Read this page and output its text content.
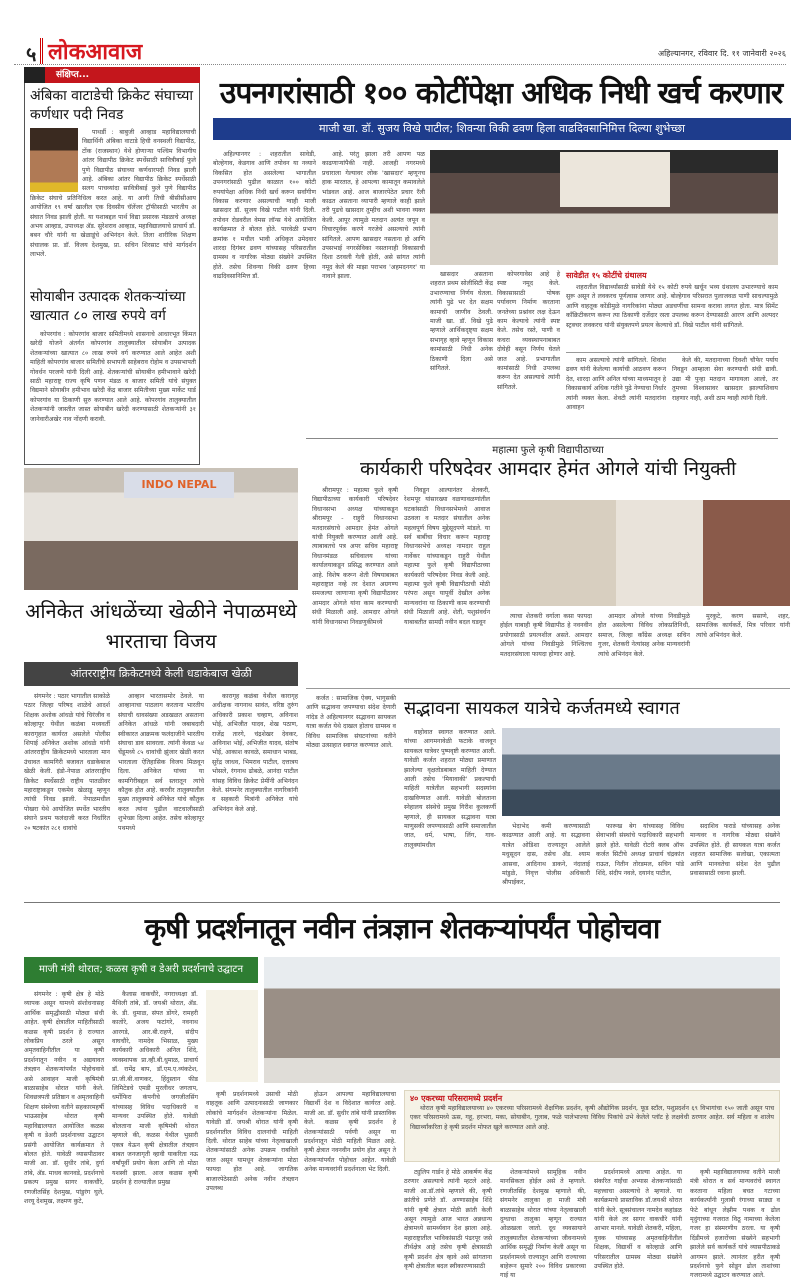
५ लोकआवाज	अहिल्यानगर, रविवार दि. ११ जानेवारी २०२६
संक्षिप्त...
अंबिका वाटाडेची क्रिकेट संघाच्या कर्णधार पदी निवड

पाथर्डी : बाबुजी आव्हाड महाविद्यालयाची विद्यार्थिनी अंबिका वाटाडे हिची वनस्थली विद्यापीठ, टोंक (राजस्थान) येथे होणाऱ्या पश्चिम विभागीय आंतर विद्यापीठ क्रिकेट स्पर्धेसाठी सावित्रीबाई फुले पुणे विद्यापीठ संघाच्या कर्णधारपदी निवड झाली आहे. अंबिका आंतर विद्यापीठ क्रिकेट स्पर्धेसाठी सलग पाचव्यांदा सावित्रीबाई फुले पुणे विद्यापीठ क्रिकेट संघाचे प्रतिनिधित्व करत आहे. या आगी तिची बीसीसीआय आयोजित १९ वर्षा खालील एक दिवसीय चॅलेंजर ट्रॉफीसाठी भारतीय अ संघात निवड झाली होती. या यशाबद्दल पार्थ विद्या प्रसारक मंडळाचे अध्यक्ष अभय आव्हाड, उपाध्यक्ष ॲड. सुरेशराव आव्हाड, महाविद्यालयाचे प्राचार्य डॉ. बबन चौरे यांनी या खेळाडूंचे अभिनंदन केले. तिला शारीरिक शिक्षण संचालक प्रा. डॉ. विजय देशमुख, प्रा. सचिन शिरसाट यांचे मार्गदर्शन लाभले.

सोयाबीन उत्पादक शेतकऱ्यांच्या खात्यात ८० लाख रुपये वर्ग

कोपरगांव : कोपरगांव बाजार समितीमध्ये शासनाचे आधारभूत किंमत खरेदी योजने अंतर्गत कोपरगांव तालुक्यातील सोयाबीन उत्पादक शेतकऱ्यांच्या खात्यात ८० लाख रुपये वर्ग करण्यात आले आहेत अशी माहिती कोपरगांव बाजार समितीचे सभापती साहेबराव रोहोम व उपसभापती गोवर्धन परजणे यांनी दिली आहे. शेतकऱ्यांची सोयाबीन हमीभावाने खरेदी साठी महाराष्ट्र राज्य कृषि पणन मंडळ व बाजार समिती यांचे संयुक्त विद्यमाने सोयाबीन हमीभाव खरेदी केंद्र बाजार समितीच्या मुख्य मार्केट यार्ड कोपरगांव या ठिकाणी सुरु करण्यात आले आहे. कोपरगांव तालुक्यातील शेतकऱ्यांनी जास्तीत जास्त सोयाबीन खरेदी करण्यासाठी शेतकऱ्यांनी ३१ जानेवारीअखेर नाव नोंदणी करावी.

उपनगरांसाठी १०० कोटींपेक्षा अधिक निधी खर्च करणार
माजी खा. डॉ. सुजय विखे पाटील; शिवन्या विकी ढवण हिला वाढदिवसानिमित्त दिल्या शुभेच्छा

अहिल्यानगर : शहरातील सावेडी, बोल्हेगाव, केडगाव आणि तपोवन या नव्याने विकसित होत असलेल्या भागातील उपनगरांसाठी पुढील काळात १०० कोटी रुपयांपेक्षा अधिक निधी खर्च करून सर्वांगीण विकास करणार असल्याची ग्वाही माजी खासदार डॉ. सुजय विखे पाटील यांनी दिली. तपोवन रोडवरील वेमस लॉन्स येथे आयोजित कार्यक्रमात ते बोलत होते. पारवेळी प्रभाग क्रमांक १ मधील भावी अधिकृत उमेदवार शारदा दिगंबर ढवण यांच्यासह परिसरातील ग्रामस्थ व नागरिक मोठ्या संख्येने उपस्थित होते. तसेच शिवन्या विकी ढवण हिच्या वाढदिवसानिमित्त डॉ.

आहे. परंतु झाला तरी आपण पळ काढणाऱ्यांपैकी नाही. आजही नगरमध्ये प्रचाराला गेल्यावर लोक 'खासदार' म्हणूनच हाक मारतात, हे आपल्या कामातून कमावलेले भांडवल आहे. आज बाजारपेठेत प्रचार रॅली काढत असताना व्यापारी म्हणाले काही झाले तरी पुढचे खासदार तुम्हीच अशी भावना व्यक्त केली. आपूर त्यामुळे मतदान अत्यंत जपून व विचारपूर्वक करणे गरजेचे असल्याचे त्यांनी सांगितले. आपण खासदार नसताना हो आणि उपसभाई नगरसेविका नसतानाही विकासाची दिशा ठरवली गेली होती, असे सांगत त्यांनी नमूद केले की माझा पराभव 'अहमदनगर' या नावाने झाला.	खासदार असताना शहरात प्रथम सोलीसिटी केंद्र उभारण्याचा निर्णय घेतला. त्यांनी पुढे भर देत सक्षम कामाची जाणीव ठेवली. माजी खा. डॉ. विखे पुढे म्हणाले आर्थिकदृष्ट्या सक्षम सभागृह व्हावे म्हणून विकास कामांसाठी निधी अनेक ठिकाणी दिला असे सांगितले.

कोपरगावेस आहे हे स्पष्ट नमूद केले. विकासासाठी पोषक पर्यावरण निर्माण करताना जनतेच्या प्रश्नांवर लक्ष देऊन काम केल्याचे त्यांनी स्पष्ट केले. तसेच रस्ते, पाणी व कचरा व्यवस्थापनाबाबत दोघेही बसून निर्णय घेतले जात आहे. प्रभागातील कामांसाठी निधी उपलब्ध करून देत असल्याचे त्यांनी सांगितले.

सावेडीत १५ कोटींचे ग्रंथालय

शहरातील विद्यार्थ्यांसाठी सावेडी येथे १५ कोटी रुपये खर्चून भव्य ग्रंथालय उभारण्याचे काम सुरू असून ते लवकरच पूर्णत्वास जाणार आहे. बोल्हेगाव परिसरात पुलाजवळ पाणी साचल्यामुळे आणि वाहतूक कोंडीमुळे नागरिकांना मोठ्या अडचणींचा सामना करावा लागत होता. मात्र सिमेंट कॉंक्रिटीकरण करून त्या ठिकाणी दर्जेदार रस्ता उपलब्ध करून देण्यासाठी आरण आणि अल्पदर स्ट्रक्चर लवकरच यांनी संयुक्तपणे प्रयत्न केल्याचे डॉ. विखे पाटील यांनी सांगितले.

काम असल्याचे त्यांनी सांगितले. शिवांश ढवण यांनी केलेल्या कार्याची आठवण करून देत, शारदा आणि अनिल यांच्या माध्यमातून हे विकासकार्य अधिक गतीने पुढे नेण्याचा निर्धार त्यांनी व्यक्त केला. शेवटी त्यांनी मतदारांना आवाहन

केले की, मतदानाच्या दिवशी चौफेर पर्याय निवडून आम्हाला सेवा करण्याची संधी द्यावी. उद्या मी पुन्हा मतदान मागायला आलो, तर तुमच्या विश्वासावर खासदार झाल्याशिवाय राहणार नाही, अशी ठाम ग्वाही त्यांनी दिली.

INDO NEPAL
अनिकेत आंधळेंच्या खेळीने नेपाळमध्ये भारताचा विजय
आंतरराष्ट्रीय क्रिकेटमध्ये केली धडाकेबाज खेळी

संगमनेर : पठार भागातील साकोळे पठार जिल्हा परिषद शाळेचे आदर्श शिक्षक अशोक आंधळे यांचे चिरंजीव व कोल्हापूर येथील कळंबा मध्यवर्ती कारागृहात कार्यरत असलेले पोलीस शिपाई अनिकेत अशोक आंधळे यांनी आंतरराष्ट्रीय क्रिकेटमध्ये भारताला मान उंचावत कामगिरी बजावत धडाकेबाज खेळी केली. इंडो-नेपाळ आंतरराष्ट्रीय क्रिकेट स्पर्धेसाठी राष्ट्रीय पातळीवर महाराष्ट्राकडून एकमेव खेळाडू म्हणून त्यांची निवड झाली. नेपाळमधील पोखरा येथे आयोजित स्पर्धेत भारतीय संघाने प्रथम फलंदाजी करत निर्धारित २० षटकांत २८१ धावांचे

आव्हान भारतासमोर ठेवले. या आव्हानाचा पाठलाग करताना भारतीय संघाची धावसंख्या अडखळत असताना अनिकेत आंधळे यांनी जबाबदारी स्वीकारत आक्रमक फलंदाजीने भारतीय संघाचा डाव सावरला. त्यांनी केवळ ५४ चेंडूमध्ये ८५ धावांची झुंजार खेळी करत भारताला ऐतिहासिक विजय मिळवून दिला. अनिकेत यांच्या या कामगिरीबद्दल सर्व स्तरातून त्यांचे कौतुक होत आहे. करवीर तालुक्यातील मुख्य तालुक्याचे अनिकेत यांचे कौतुक करत त्यांना पुढील वाटचालीसाठी शुभेच्छा दिल्या आहेत. तसेच कोल्हापूर पथमध्ये

कारागृह कळंबा येथील कारागृह अधीक्षक नागनाथ सावंत, वरिष्ठ तुरुंग अधिकारी प्रकाश चव्हाण, अविनाश भोई, अभिजीत यादव, शेख पठाण, राजेंद्र तारगे, चंद्रशेखर देवकर, अविनाश भोई, अभिजीत यादव, संतोष भोई, आकाश कावळे, समाधान भाबड, सुरेंद्र जाधव, भिमराव पाटील, दत्तात्रय भोसले, रंगनाथ ढोबळे, आनंदा पाटील यांसह विविध क्रिकेट प्रेमींनी अभिनंदन केले. संगमनेर तालुक्यातील नागरिकांनी व सहकारी मित्रांनी अनिकेत यांचे अभिनंदन केले आहे.

महात्मा फुले कृषी विद्यापीठाच्या
कार्यकारी परिषदेवर आमदार हेमंत ओगले यांची नियुक्ती

श्रीरामपूर : महात्मा फुले कृषी विद्यापीठाच्या कार्यकारी परिषदेवर विधानसभा अध्यक्ष यांच्याकडून श्रीरामपूर - राहुरी विधानसभा मतदारसंघाचे आमदार हेमंत ओगले यांची नियुक्ती करण्यात आली आहे. त्याबाबतचे पत्र अपर सचिव महाराष्ट्र विधानमंडळ सचिवालय यांच्या कार्यालयाकडून प्रसिद्ध करण्यात आले आहे. विशेष करून शेती विषयाबाबत महाराष्ट्रात नव्हे तर देशात अग्रगण्य समजल्या जाणाऱ्या कृषी विद्यापीठावर आमदार ओगले यांना काम करण्याची संधी मिळाली आहे. आमदार ओगले यांनी विधानसभा निवडणुकीमध्ये

निवडून आल्यानंतर शेतकरी, रेशमपूर यांसारख्या वळणावळणांतील घटकांसाठी विधानसभेमध्ये आवाज उठवला व मतदार संघातील अनेक महत्वपूर्ण विषय मुद्देसूदपणे मांडले. या सर्व बाबींचा विचार करून महाराष्ट्र विधानसभेचे अध्यक्ष नामदार राहुल नार्वेकर यांच्याकडून राहुरी येथील महात्मा फुले कृषी विद्यापीठाच्या कार्यकारी परिषदेवर निवड केली आहे. महात्मा फुले कृषी विद्यापीठाची मोठी परंपरा असून यापूर्वी देखील अनेक मान्यवरांना या ठिकाणी काम करण्याची संधी मिळाली आहे. शेती, पशुसंवर्धन याबाबतीत सामग्री नवीन बदल घडवून

त्याचा शेतकरी वर्गाला कसा फायदा होईल याबाही कृषी विद्यापीठ हे नवनवीन प्रयोगासाठी प्रयत्नशील असते. आमदार ओगले यांच्या निवडीमुळे निश्चितच मतदारसंघाला फायदा होणार आहे.

आमदार ओगले यांच्या निवडीमुळे होत असलेल्या विविध लोकप्रतिनिधी, समाज, जिल्हा कॉंग्रेस अध्यक्ष सचिन गुजर, शेतकरी नेत्यांसह अनेक मान्यवरांनी त्यांचे अभिनंदन केले.

मुरकुटे, करण ससाणे, शहर, सामाजिक कार्यकर्ते, मित्र परिवार यांनी त्यांचे अभिनंदन केले.

कर्जत : सामाजिक ऐक्य, भागुसकी आणि सद्भावना जपण्याचा संदेश देणारी नांदेड ते अहिल्यानगर सद्भावना सायकल यात्रा कर्जत येथे दाखल होताच ग्रामस्थ व विविध सामाजिक संघटनांच्या वतीने मोठ्या उत्साहात स्वागत करण्यात आले.

सद्भावना सायकल यात्रेचे कर्जतमध्ये स्वागत

वाहोवात स्वागत करण्यात आले. यांच्या आगमनावेळी फटाके वाजवून सायकल यात्रेवर पुष्पवृष्टी करण्यात आली. यावेळी कर्जत शहरात मोठ्या प्रमाणात झालेल्या वृक्षतोडबाबत माहिती देण्यात आली तसेच 'मियावाकी' प्रकल्पाची माहिती यात्रेतील सहभागी सदस्यांना दाखविण्यात आली. यावेळी बोलताना स्नेहालय संस्थेचे प्रमुख गिरीश कुलकर्णी म्हणाले, ही सायकल सद्भावना यात्रा माणुसकी जपण्यासाठी आणि समाजातील जात, धर्म, भाषा, लिंग, गाव-तालुक्यांमधील

भेदाभेद कमी करण्यासाठी काढण्यात आली आहे. या सद्भावना यात्रेत ओडिशा राज्यातून आलेले मधुसूदन दास, तसेच ॲड. श्याम आसवा, आदिनाथ डाकने, नंदाताई मांडुळे, निवृत्त पोलीस अधिकारी श्रीपाईकर,

फारूख बेग यांच्यासह विविध सेवाभावी संस्थांचे पदाधिकारी सहभागी झाले होते. यावेळी रोटरी क्लब ऑफ कर्जत सिटीचे अध्यक्ष प्राचार्य चंद्रकांत राऊत, नितीन तोरडमल, सचिन पांडे शिंदे, संदीप नवले, दयानंद पाटील,

सदाशिव फराडे यांच्यासह अनेक मान्यवर व नागरिक मोठ्या संख्येने उपस्थित होते. ही सायकल यात्रा कर्जत शहरात सामाजिक सलोखा, एकात्मता आणि मानवतेचा संदेश देत पुढील प्रवासासाठी रवाना झाली.

कृषी प्रदर्शनातून नवीन तंत्रज्ञान शेतकऱ्यांपर्यंत पोहोचवा
माजी मंत्री थोरात; कळस कृषी व डेअरी प्रदर्शनाचे उद्घाटन

संगमनेर : कृषी क्षेत्र हे मोठे व्यापक असून यामध्ये संशोधनासह आर्थिक समृद्धीसाठी मोठ्या संधी आहेत. कृषी क्षेत्रातील माहितीसाठी कळस कृषी प्रदर्शन हे राज्यात लोकप्रिय ठरले असून अमृतवाहिनीतील या कृषी प्रदर्शनातून नवीन व अद्ययावत तंत्रज्ञान शेतकऱ्यांपर्यंत पोहोचवावे असे आवाहन माजी कृषिमंत्री बाळासाहेब थोरात यांनी केले. शिवछत्रपती प्रतिष्ठान व अमृतवाहिनी शिक्षण संस्थेच्या वतीने सहकारमहर्षी भाऊसाहेब थोरात कृषी महाविद्यालयात आयोजित कळस कृषी व डेअरी प्रदर्शनाच्या उद्घाटन प्रसंगी आयोजित कार्यक्रमात ते बोलत होते. यावेळी व्यासपीठावर माजी आ. डॉ. सुधीर तांबे, दुर्गा तांबे, ॲड. माधव कानवडे, प्रदर्शनाचे प्रकल्प प्रमुख सागर वाकचौरे, रणजीतसिंह देशमुख, पांडुरंग घुले, शरयू देशमुख, लक्ष्मण कुटे,

कैलास वाकचौरे, नगराध्यक्षा डॉ. मैथिली तांबे, डॉ. जयश्री थोरात, ॲड. के. डी. धुमाळ, संपत डोंगरे, रामहरी कातोरे, अजय फटांगरे, नवनाथ आरगडे, आर.बी.राहणे, संदीप वाघचौरे, नामदेव भिसाळ, मुख्य कार्यकारी अधिकारी अनिल शिंदे, व्यवस्थापक प्रा.व्ही.बी.धुमाळ, प्राचार्य डॉ. रामेंद्र बाप, डॉ.एम.ए.व्यंकटेश, प्रा.जी.बी.वाणकर, हिंदुस्तान फीड लिमिटेडचे एमडी मुरलीधर जगताप, धर्मोफिरा कंपनीचे जगजीतसिंग यांच्यासह विविध पदाधिकारी व मान्यवर उपस्थित होते. यावेळी बोलताना माजी कृषिमंत्री थोरात म्हणाले की, कळस येथील भुसारी एकत्र येऊन कृषी क्षेत्रातील तंत्रज्ञान बाबत जनजागृती व्हावी याकरिता नऊ वर्षांपूर्वी प्रयोग केला आणि तो मोठा यशस्वी झाला. आज कळस कृषी प्रदर्शन हे राज्यातील प्रमुख

कृषी प्रदर्शनामध्ये उसाची मोठी वाहतूक आणि उत्पादनासाठी जाणकार लोकांचे मार्गदर्शन शेतकऱ्यांना मिळेल. यावेळी डॉ. जयश्री थोरात यांनी कृषी प्रदर्शनातील विविध दालनांची माहिती दिली. थोरात साहेब यांच्या नेतृत्वाखाली शेतकऱ्यांसाठी अनेक उपक्रम राबविले जात असून यामधून शेतकऱ्यांना मोठा फायदा होत आहे. जागतिक बाजारपेठेसाठी अनेक नवीन तंत्रज्ञान उपलब्ध

होऊन आपल्या महाविद्यालयाचा विद्यार्थी देश व विदेशात कार्यरत आहे. माजी आ. डॉ. सुधीर तांबे यांनी प्रास्ताविक केले. कळस कृषी प्रदर्शन हे शेतकऱ्यांसाठी पर्वणी असून या प्रदर्शनातून मोठी माहिती मिळत आहे. कृषी क्षेत्रात नवनवीन प्रयोग होत असून ते शेतकऱ्यांपर्यंत पोहोचत आहेत. यावेळी अनेक मान्यवरांनी प्रदर्शनाला भेट दिली.

४० एकरच्या परिसरामध्ये प्रदर्शन

थोरात कृषी महाविद्यालयाच्या ४० एकरच्या परिसरामध्ये शैक्षणिक प्रदर्शन, कृषी औद्योगिक प्रदर्शन, फूड स्टॉल, पशुप्रदर्शन ६९ विभागांचा १५० जाती असून पाच एकर परिसरामध्ये ऊस, गहू, हरभरा, मका, सोयाबीन, गुलाब, फळे पालेभाज्या विविध पिकांचे उभे केलेले प्लॉट हे लक्षवेधी ठरणार आहेत. सर्व महिला व शालेय विद्यार्थ्यांकरिता हे कृषी प्रदर्शन मोफत खुले करण्यात आले आहे.

ट्युलिप गार्डन हे मोठे आकर्षण केंद्र ठरणार असल्याचे त्यांनी म्हटले आहे. माजी आ.डॉ.तांबे म्हणाले की, कृषी क्रांतीचे प्रणेते डॉ. अण्णासाहेब शिंदे यांनी कृषी क्षेत्रात मोठी क्रांती केली असून त्यामुळे आज भारत अन्नधान्य क्षेत्रामध्ये सामर्थ्यवान देश झाला आहे. महाराष्ट्रातील भाविकांसाठी पंढरपूर जसे तीर्थक्षेत्र आहे तसेच कृषी क्षेत्रासाठी कृषी प्रदर्शन क्षेत्र व्हावे असे सांगताना कृषी क्षेत्रातील बदल स्वीकारण्यासाठी

शेतकऱ्यांमध्ये सामूहिक नवीन मानसिकता होईल असे ते म्हणाले. रणजीतसिंह देशमुख म्हणाले की, संगमनेर तालुका हा माजी मंत्री बाळासाहेब थोरात यांच्या नेतृत्वाखाली दुग्धाचा तालुका म्हणून राज्यात ओळखला जातो. दूध व्यवसायाने तालुक्यातील शेतकऱ्यांच्या जीवनामध्ये आर्थिक समृद्धी निर्माण केली असून या प्रदर्शनामध्ये राज्यातून आणि राज्याच्या बाहेरून सुमारे २०० विविध प्रकारच्या गाई या

प्रदर्शनामध्ये आल्या आहेत. या संकरित गाईंचा अभ्यास शेतकऱ्यांसाठी महत्त्वाचा असल्याचे ते म्हणाले. या कार्यक्रमाचे प्रास्ताविक डॉ.जयश्री थोरात यांनी केले. सूत्रसंचालन नामदेव कहांडळ यांनी केले तर सागर वाकचौरे यांनी आभार मानले. यावेळी शेतकरी, महिला, युवक यांच्यासह अमृतवाहिनीतील शिक्षक, विद्यार्थी व कोल्हाळे आणि परिसरातील ग्रामस्थ मोठ्या संख्येने उपस्थित होते.

कृषी महाविद्यालयाच्या वतीने माजी मंत्री थोरात व सर्व मान्यवरांचे स्वागत करताना महिला बचत गटाच्या कार्यकर्त्यांनी गुलाबी रंगाच्या साड्या व फेटे बांधून लेझीम पथक व ढोल मृदुंगाच्या गजरात विठू नामाच्या केलेला गजर हा संस्मरणीय ठरला. या कृषी दिंडीमध्ये हजारोंच्या संख्येने सहभागी झालेले सर्व कार्यकर्ते यांचे व्यासपीठाकडे आगमन झाले. त्यानंतर हरीत कृषी प्रदर्शनाचे फुगे सोडून ढोल ताशांच्या गजरामध्ये उद्घाटन करण्यात आले.
